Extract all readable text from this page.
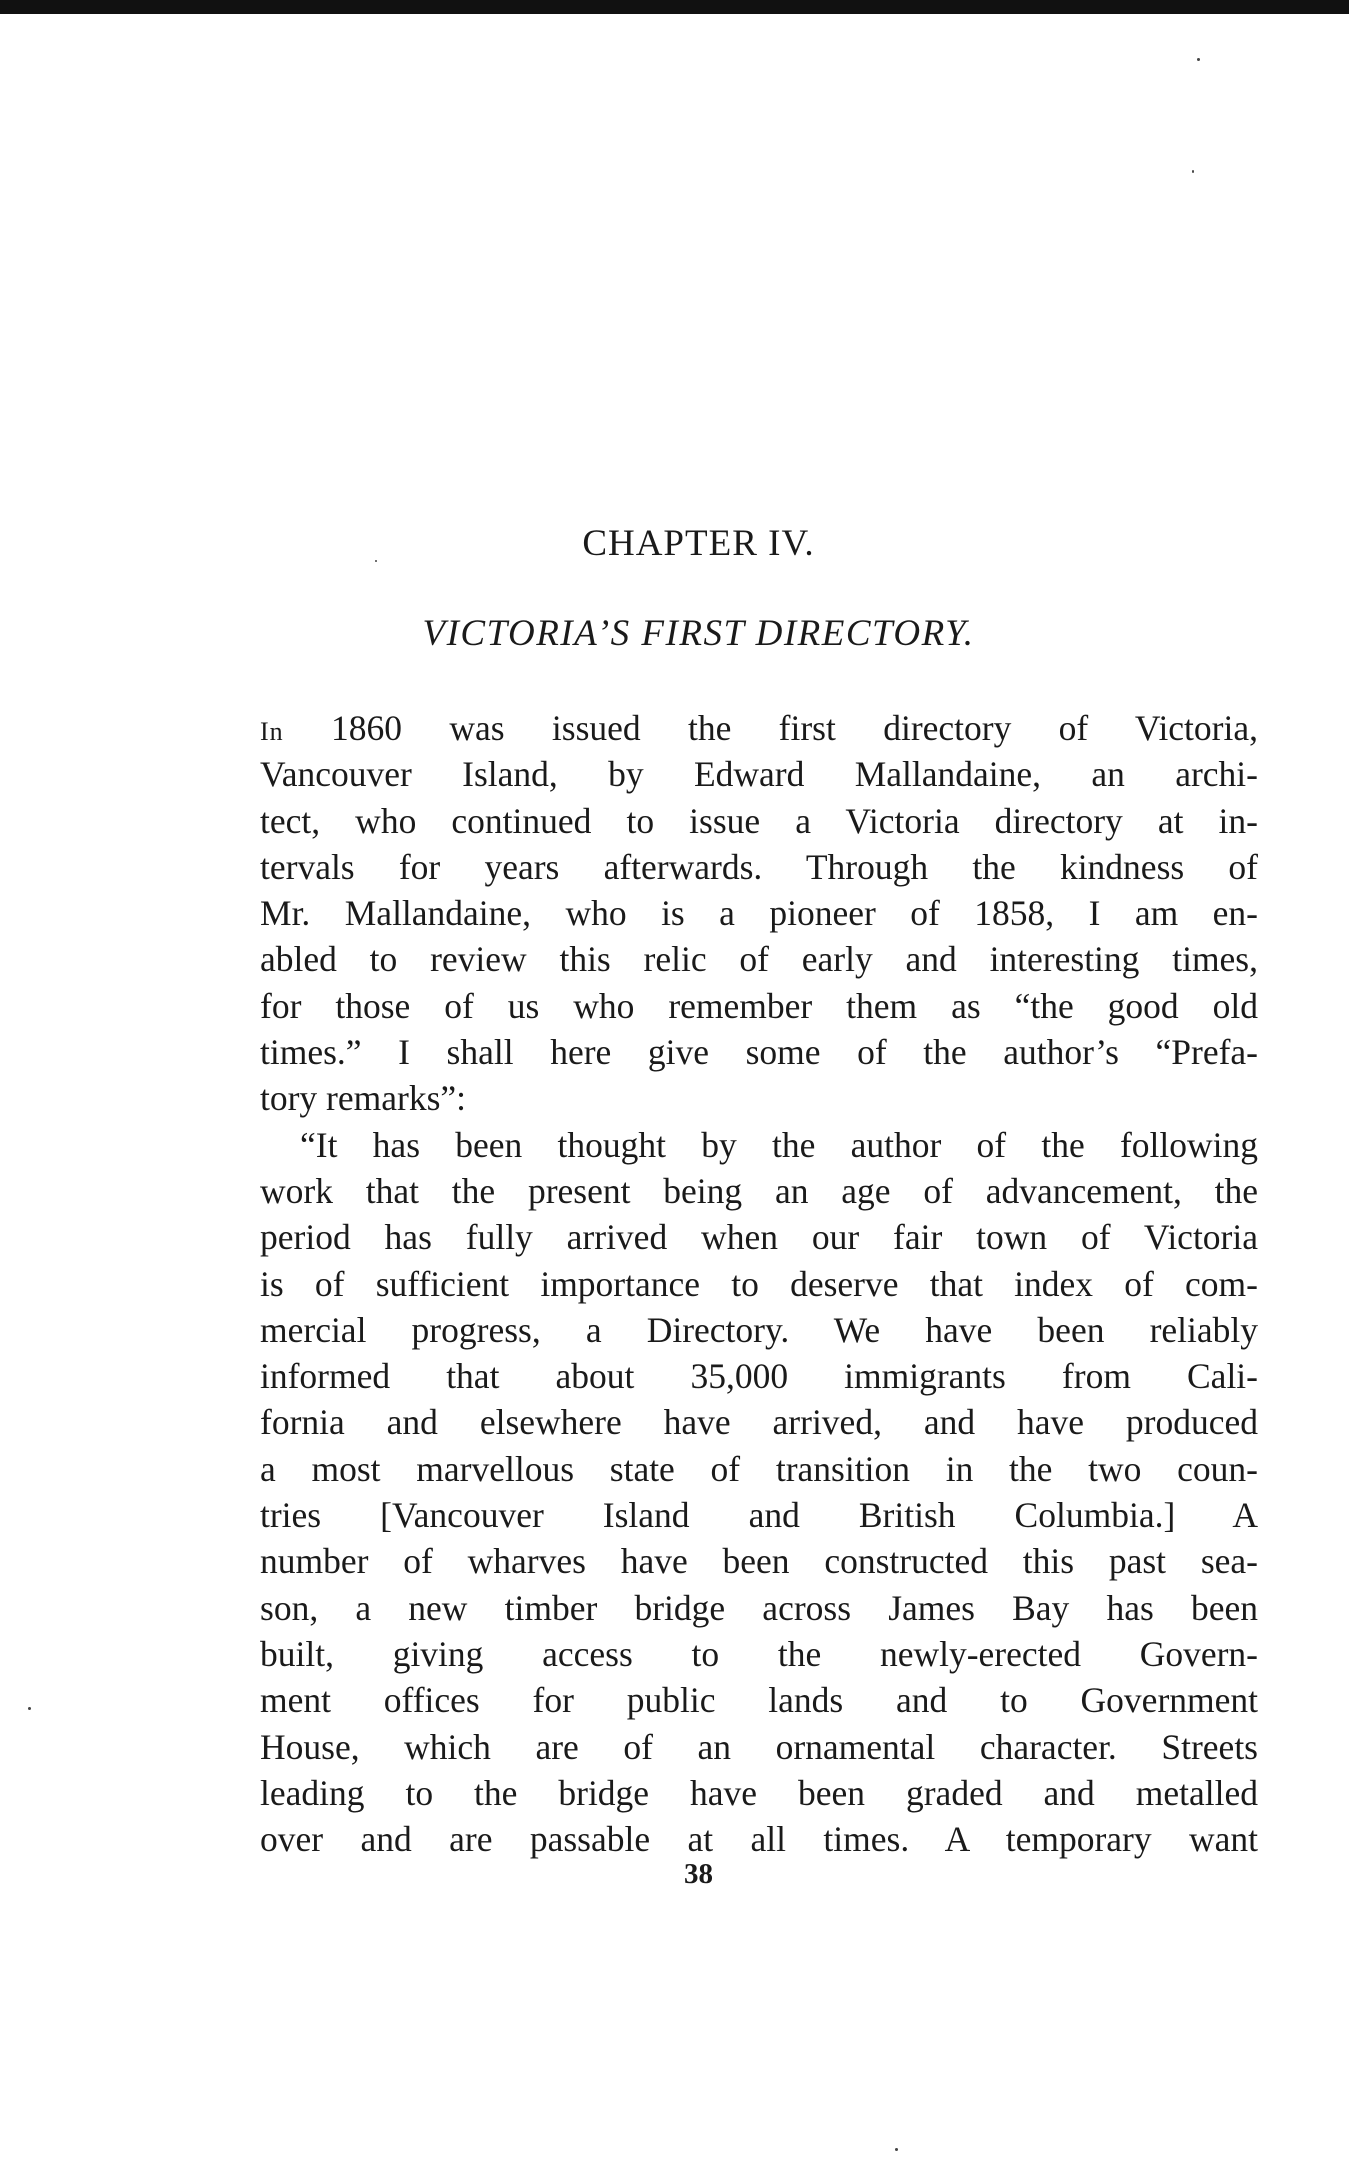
CHAPTER IV.
VICTORIA’S FIRST DIRECTORY.
In 1860 was issued the first directory of Victoria,
Vancouver Island, by Edward Mallandaine, an archi-
tect, who continued to issue a Victoria directory at in-
tervals for years afterwards. Through the kindness of
Mr. Mallandaine, who is a pioneer of 1858, I am en-
abled to review this relic of early and interesting times,
for those of us who remember them as “the good old
times.” I shall here give some of the author’s “Prefa-
tory remarks”:
“It has been thought by the author of the following
work that the present being an age of advancement, the
period has fully arrived when our fair town of Victoria
is of sufficient importance to deserve that index of com-
mercial progress, a Directory. We have been reliably
informed that about 35,000 immigrants from Cali-
fornia and elsewhere have arrived, and have produced
a most marvellous state of transition in the two coun-
tries [Vancouver Island and British Columbia.] A
number of wharves have been constructed this past sea-
son, a new timber bridge across James Bay has been
built, giving access to the newly-erected Govern-
ment offices for public lands and to Government
House, which are of an ornamental character. Streets
leading to the bridge have been graded and metalled
over and are passable at all times. A temporary want
38
